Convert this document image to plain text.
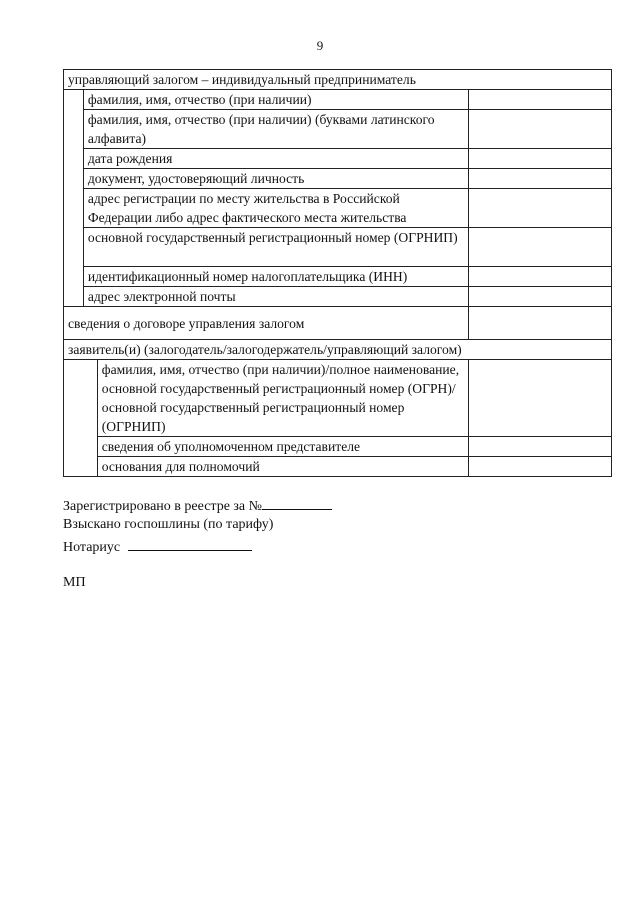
9
управляющий залогом – индивидуальный предприниматель			
	фамилия, имя, отчество (при наличии)		
	фамилия, имя, отчество (при наличии) (буквами латинского алфавита)		
	дата рождения		
	документ, удостоверяющий личность		
	адрес регистрации по месту жительства в Российской Федерации либо адрес фактического места жительства		
	основной государственный регистрационный номер (ОГРНИП)		
	идентификационный номер налогоплательщика (ИНН)		
	адрес электронной почты		
сведения о договоре управления залогом			
заявитель(и) (залогодатель/залогодержатель/управляющий залогом)			
		фамилия, имя, отчество (при наличии)/полное наименование, основной государственный регистрационный номер (ОГРН)/основной государственный регистрационный номер (ОГРНИП)	
		сведения об уполномоченном представителе	
		основания для полномочий	
Зарегистрировано в реестре за №
Взыскано госпошлины (по тарифу)
Нотариус
МП
